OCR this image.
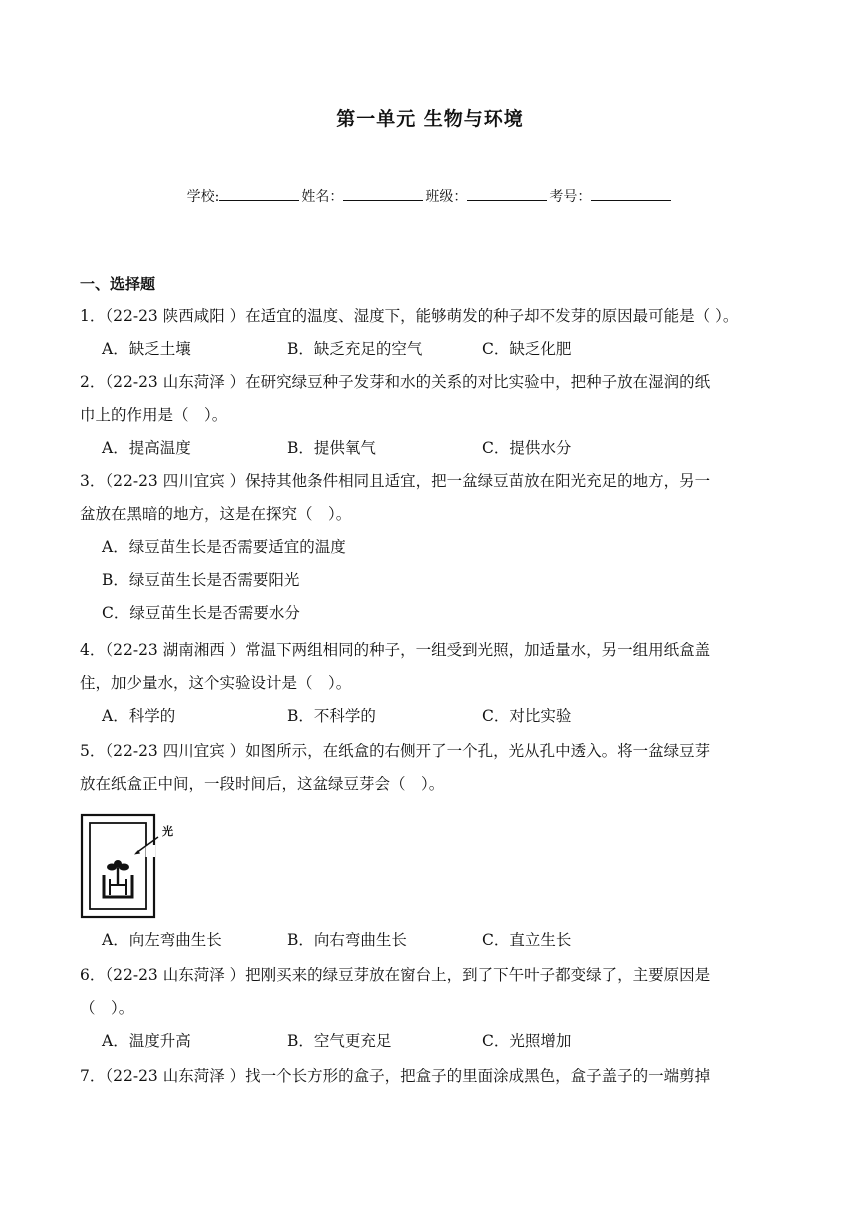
第一单元 生物与环境
学校:	姓名：	班级：	考号：
一、选择题
1．（22-23 陕西咸阳 ）在适宜的温度、湿度下，能够萌发的种子却不发芽的原因最可能是（ ）。
A．缺乏土壤	B．缺乏充足的空气	C．缺乏化肥
2．（22-23 山东菏泽 ）在研究绿豆种子发芽和水的关系的对比实验中，把种子放在湿润的纸
巾上的作用是（　）。
A．提高温度	B．提供氧气	C．提供水分
3．（22-23 四川宜宾 ）保持其他条件相同且适宜，把一盆绿豆苗放在阳光充足的地方，另一
盆放在黑暗的地方，这是在探究（　）。
A．绿豆苗生长是否需要适宜的温度
B．绿豆苗生长是否需要阳光
C．绿豆苗生长是否需要水分
4．（22-23 湖南湘西 ）常温下两组相同的种子，一组受到光照，加适量水，另一组用纸盒盖
住，加少量水，这个实验设计是（　）。
A．科学的	B．不科学的	C．对比实验
5．（22-23 四川宜宾 ）如图所示，在纸盒的右侧开了一个孔，光从孔中透入。将一盆绿豆芽
放在纸盒正中间，一段时间后，这盆绿豆芽会（　）。
光
A．向左弯曲生长	B．向右弯曲生长	C．直立生长
6．（22-23 山东菏泽 ）把刚买来的绿豆芽放在窗台上，到了下午叶子都变绿了，主要原因是
（　）。
A．温度升高	B．空气更充足	C．光照增加
7．（22-23 山东菏泽 ）找一个长方形的盒子，把盒子的里面涂成黑色，盒子盖子的一端剪掉
